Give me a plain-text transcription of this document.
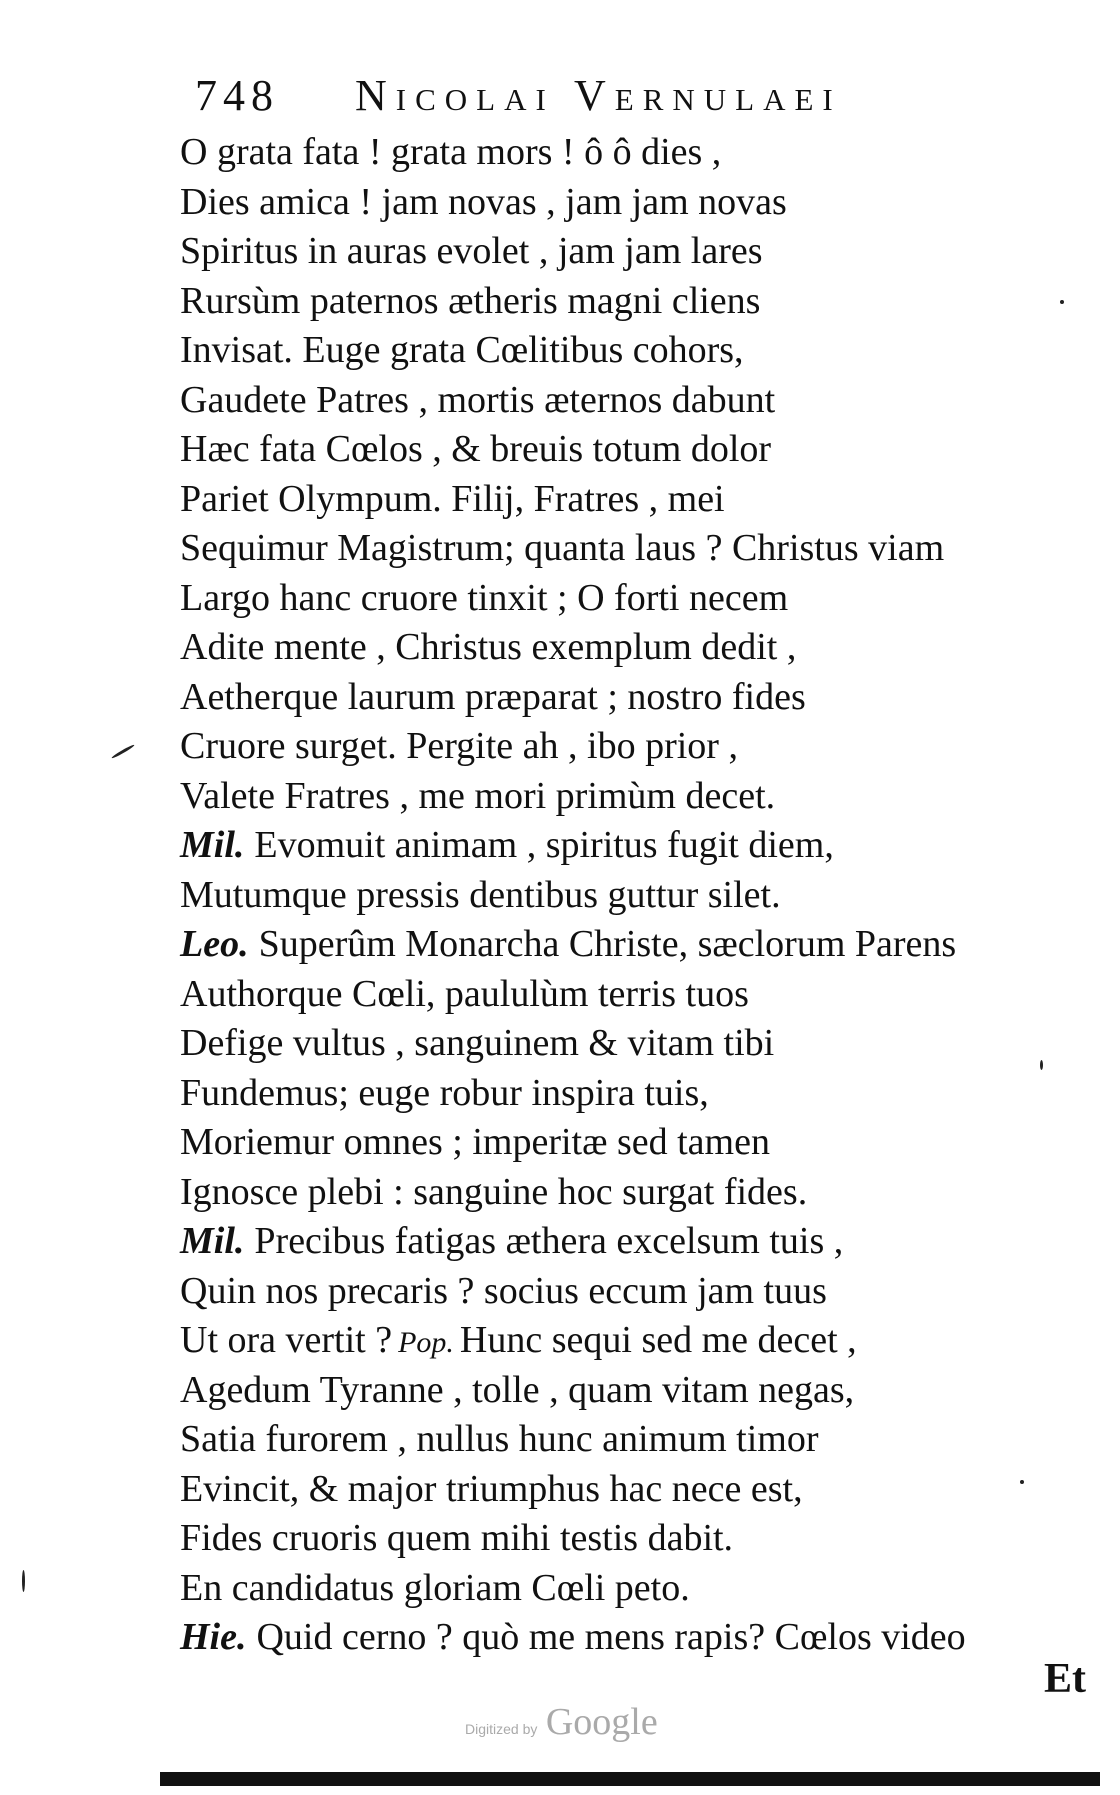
748 Nicolai Vernulaei
O grata fata ! grata mors ! ô ô dies ,
Dies amica ! jam novas , jam jam novas
Spiritus in auras evolet , jam jam lares
Rursùm paternos ætheris magni cliens
Invisat. Euge grata Cœlitibus cohors,
Gaudete Patres , mortis æternos dabunt
Hæc fata Cœlos , & breuis totum dolor
Pariet Olympum. Filij, Fratres , mei
Sequimur Magistrum; quanta laus ? Christus viam
Largo hanc cruore tinxit ; O forti necem
Adite mente , Christus exemplum dedit ,
Aetherque laurum præparat ; nostro fides
Cruore surget. Pergite ah , ibo prior ,
Valete Fratres , me mori primùm decet.
Mil. Evomuit animam , spiritus fugit diem,
Mutumque pressis dentibus guttur silet.
Leo. Superûm Monarcha Christe, sæclorum Parens
Authorque Cœli, paululùm terris tuos
Defige vultus , sanguinem & vitam tibi
Fundemus; euge robur inspira tuis,
Moriemur omnes ; imperitæ sed tamen
Ignosce plebi : sanguine hoc surgat fides.
Mil. Precibus fatigas æthera excelsum tuis ,
Quin nos precaris ? socius eccum jam tuus
Ut ora vertit ? Pop. Hunc sequi sed me decet ,
Agedum Tyranne , tolle , quam vitam negas,
Satia furorem , nullus hunc animum timor
Evincit, & major triumphus hac nece est,
Fides cruoris quem mihi testis dabit.
En candidatus gloriam Cœli peto.
Hie. Quid cerno ? quò me mens rapis? Cœlos video
Et
Digitized by Google
